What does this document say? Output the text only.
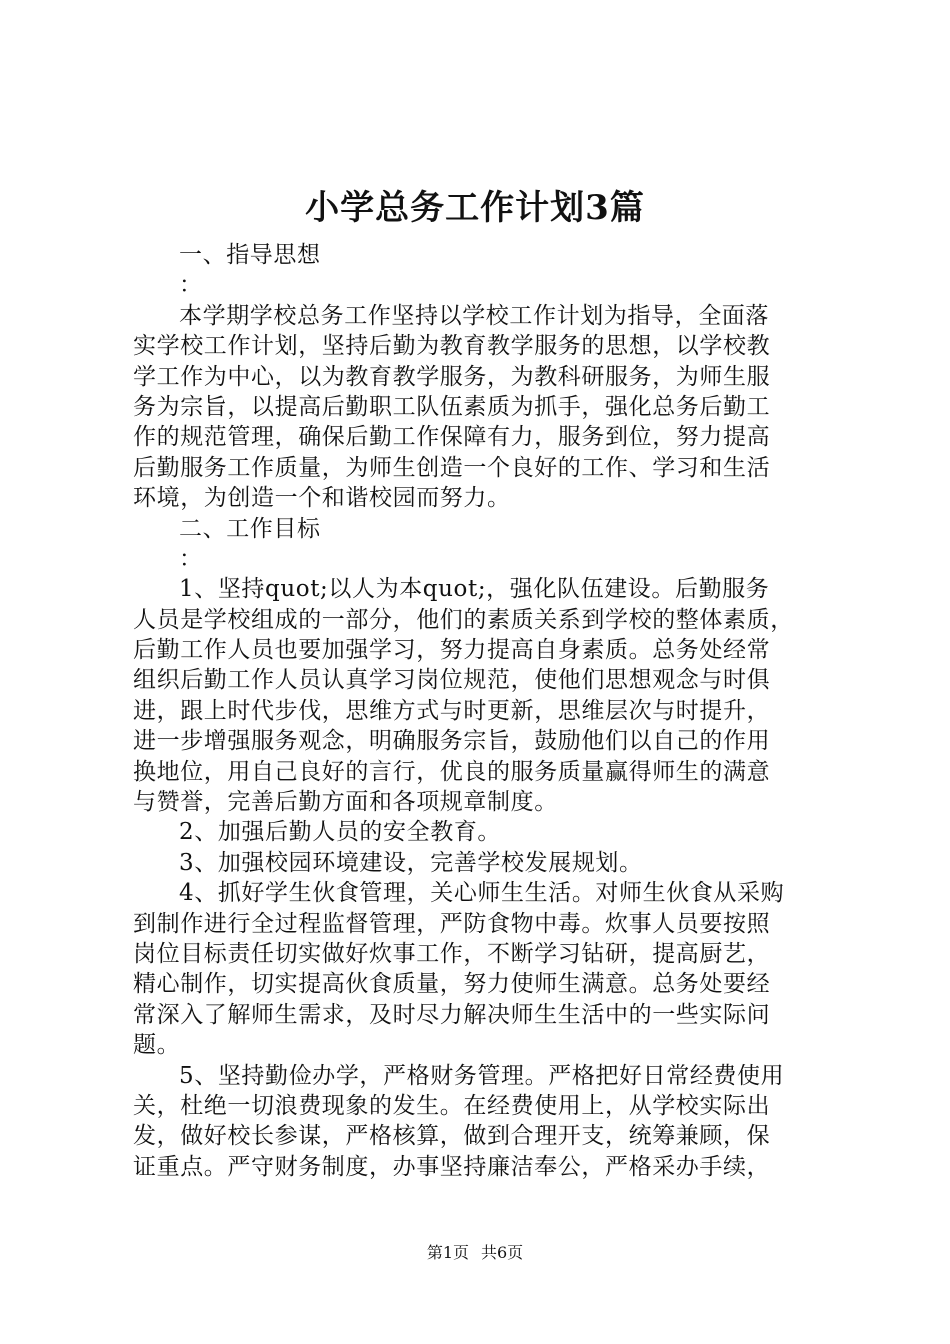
小学总务工作计划3篇

一、指导思想

：

本学期学校总务工作坚持以学校工作计划为指导，全面落

实学校工作计划，坚持后勤为教育教学服务的思想，以学校教

学工作为中心，以为教育教学服务，为教科研服务，为师生服

务为宗旨，以提高后勤职工队伍素质为抓手，强化总务后勤工

作的规范管理，确保后勤工作保障有力，服务到位，努力提高

后勤服务工作质量，为师生创造一个良好的工作、学习和生活

环境，为创造一个和谐校园而努力。

二、工作目标

：

1、坚持quot;以人为本quot;，强化队伍建设。后勤服务

人员是学校组成的一部分，他们的素质关系到学校的整体素质，

后勤工作人员也要加强学习，努力提高自身素质。总务处经常

组织后勤工作人员认真学习岗位规范，使他们思想观念与时俱

进，跟上时代步伐，思维方式与时更新，思维层次与时提升，

进一步增强服务观念，明确服务宗旨，鼓励他们以自己的作用

换地位，用自己良好的言行，优良的服务质量赢得师生的满意

与赞誉，完善后勤方面和各项规章制度。

2、加强后勤人员的安全教育。

3、加强校园环境建设，完善学校发展规划。

4、抓好学生伙食管理，关心师生生活。对师生伙食从采购

到制作进行全过程监督管理，严防食物中毒。炊事人员要按照

岗位目标责任切实做好炊事工作，不断学习钻研，提高厨艺，

精心制作，切实提高伙食质量，努力使师生满意。总务处要经

常深入了解师生需求，及时尽力解决师生生活中的一些实际问

题。

5、坚持勤俭办学，严格财务管理。严格把好日常经费使用

关，杜绝一切浪费现象的发生。在经费使用上，从学校实际出

发，做好校长参谋，严格核算，做到合理开支，统筹兼顾，保

证重点。严守财务制度，办事坚持廉洁奉公，严格采办手续，

第1页 共6页
